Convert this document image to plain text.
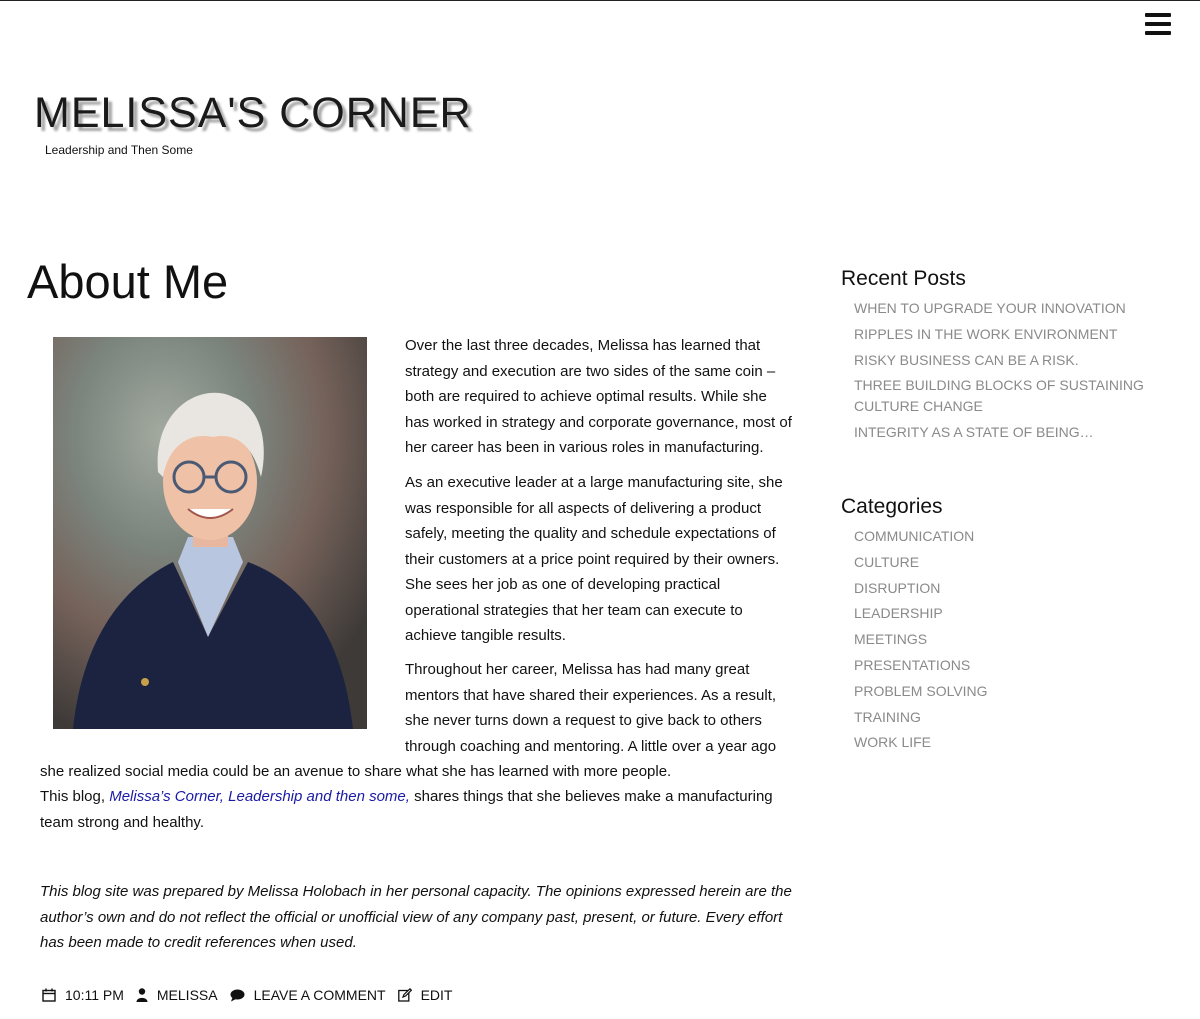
MELISSA'S CORNER
Leadership and Then Some
About Me
Over the last three decades, Melissa has learned that strategy and execution are two sides of the same coin – both are required to achieve optimal results. While she has worked in strategy and corporate governance, most of her career has been in various roles in manufacturing.
As an executive leader at a large manufacturing site, she was responsible for all aspects of delivering a product safely, meeting the quality and schedule expectations of their customers at a price point required by their owners. She sees her job as one of developing practical operational strategies that her team can execute to achieve tangible results.
Throughout her career, Melissa has had many great mentors that have shared their experiences. As a result, she never turns down a request to give back to others through coaching and mentoring. A little over a year ago
she realized social media could be an avenue to share what she has learned with more people.
This blog, Melissa’s Corner, Leadership and then some, shares things that she believes make a manufacturing team strong and healthy.
This blog site was prepared by Melissa Holobach in her personal capacity. The opinions expressed herein are the author’s own and do not reflect the official or unofficial view of any company past, present, or future. Every effort has been made to credit references when used.
10:11 PM MELISSA	LEAVE A COMMENT	EDIT
Recent Posts
WHEN TO UPGRADE YOUR INNOVATION
RIPPLES IN THE WORK ENVIRONMENT
RISKY BUSINESS CAN BE A RISK.
THREE BUILDING BLOCKS OF SUSTAINING CULTURE CHANGE
INTEGRITY AS A STATE OF BEING…
Categories
COMMUNICATION
CULTURE
DISRUPTION
LEADERSHIP
MEETINGS
PRESENTATIONS
PROBLEM SOLVING
TRAINING
WORK LIFE
